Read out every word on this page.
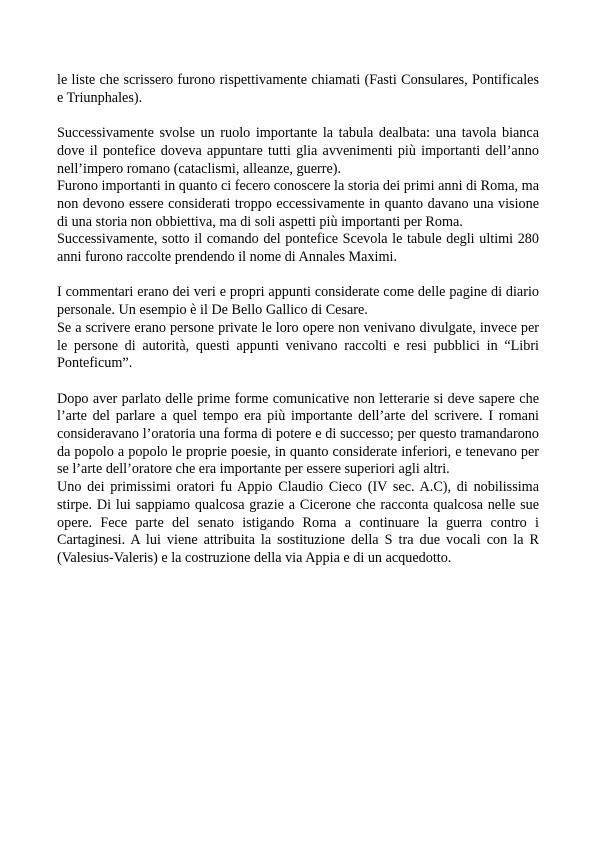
le liste che scrissero furono rispettivamente chiamati (Fasti Consulares, Pontificales e Triunphales).

Successivamente svolse un ruolo importante la tabula dealbata: una tavola bianca dove il pontefice doveva appuntare tutti glia avvenimenti più importanti dell’anno nell’impero romano (cataclismi, alleanze, guerre).

Furono importanti in quanto ci fecero conoscere la storia dei primi anni di Roma, ma non devono essere considerati troppo eccessivamente in quanto davano una visione di una storia non obbiettiva, ma di soli aspetti più importanti per Roma.

Successivamente, sotto il comando del pontefice Scevola le tabule degli ultimi 280 anni furono raccolte prendendo il nome di Annales Maximi.

I commentari erano dei veri e propri appunti considerate come delle pagine di diario personale. Un esempio è il De Bello Gallico di Cesare.

Se a scrivere erano persone private le loro opere non venivano divulgate, invece per le persone di autorità, questi appunti venivano raccolti e resi pubblici in “Libri Ponteficum”.

Dopo aver parlato delle prime forme comunicative non letterarie si deve sapere che l’arte del parlare a quel tempo era più importante dell’arte del scrivere. I romani consideravano l’oratoria una forma di potere e di successo; per questo tramandarono da popolo a popolo le proprie poesie, in quanto considerate inferiori, e tenevano per se l’arte dell’oratore che era importante per essere superiori agli altri.

Uno dei primissimi oratori fu Appio Claudio Cieco (IV sec. A.C), di nobilissima stirpe. Di lui sappiamo qualcosa grazie a Cicerone che racconta qualcosa nelle sue opere. Fece parte del senato istigando Roma a continuare la guerra contro i Cartaginesi. A lui viene attribuita la sostituzione della S tra due vocali con la R (Valesius-Valeris) e la costruzione della via Appia e di un acquedotto.
